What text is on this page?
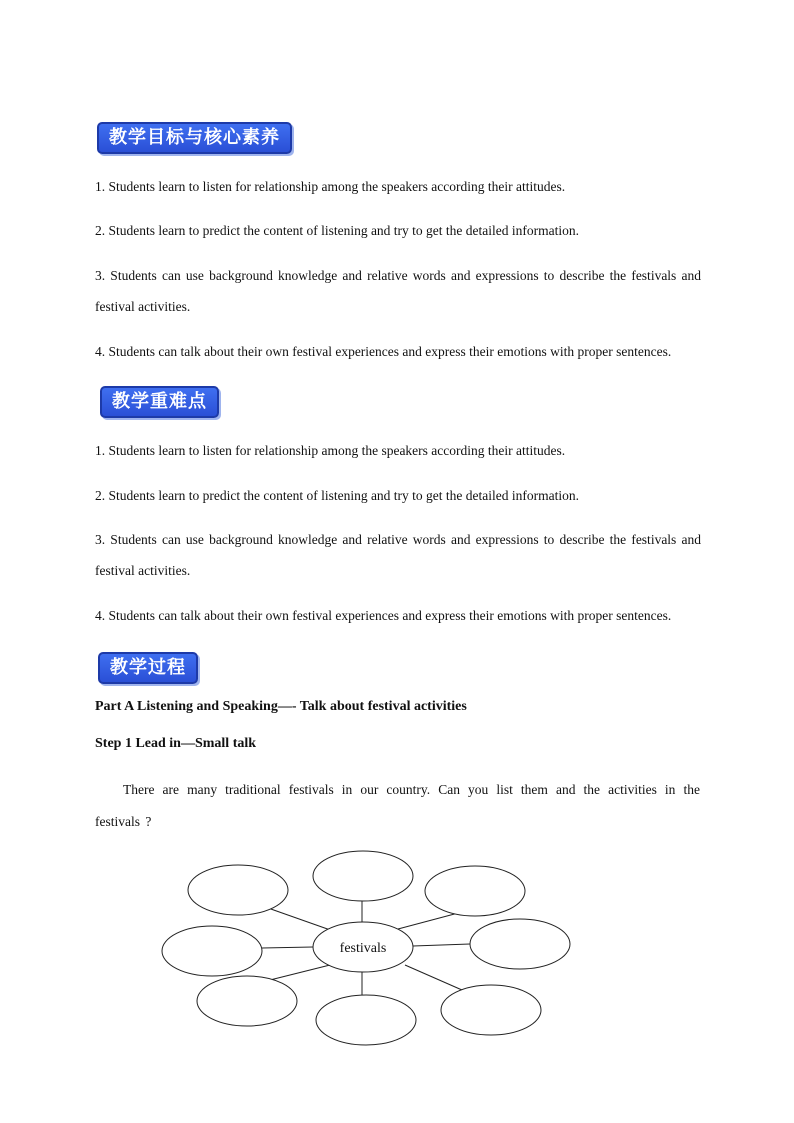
教学目标与核心素养
1. Students learn to listen for relationship among the speakers according their attitudes.
2. Students learn to predict the content of listening and try to get the detailed information.
3. Students can use background knowledge and relative words and expressions to describe the festivals and festival activities.
4. Students can talk about their own festival experiences and express their emotions with proper sentences.
教学重难点
1. Students learn to listen for relationship among the speakers according their attitudes.
2. Students learn to predict the content of listening and try to get the detailed information.
3. Students can use background knowledge and relative words and expressions to describe the festivals and festival activities.
4. Students can talk about their own festival experiences and express their emotions with proper sentences.
教学过程
Part A Listening and Speaking—- Talk about festival activities
Step 1 Lead in—Small talk
There are many traditional festivals in our country. Can you list them and the activities in the festivals ?
festivals
